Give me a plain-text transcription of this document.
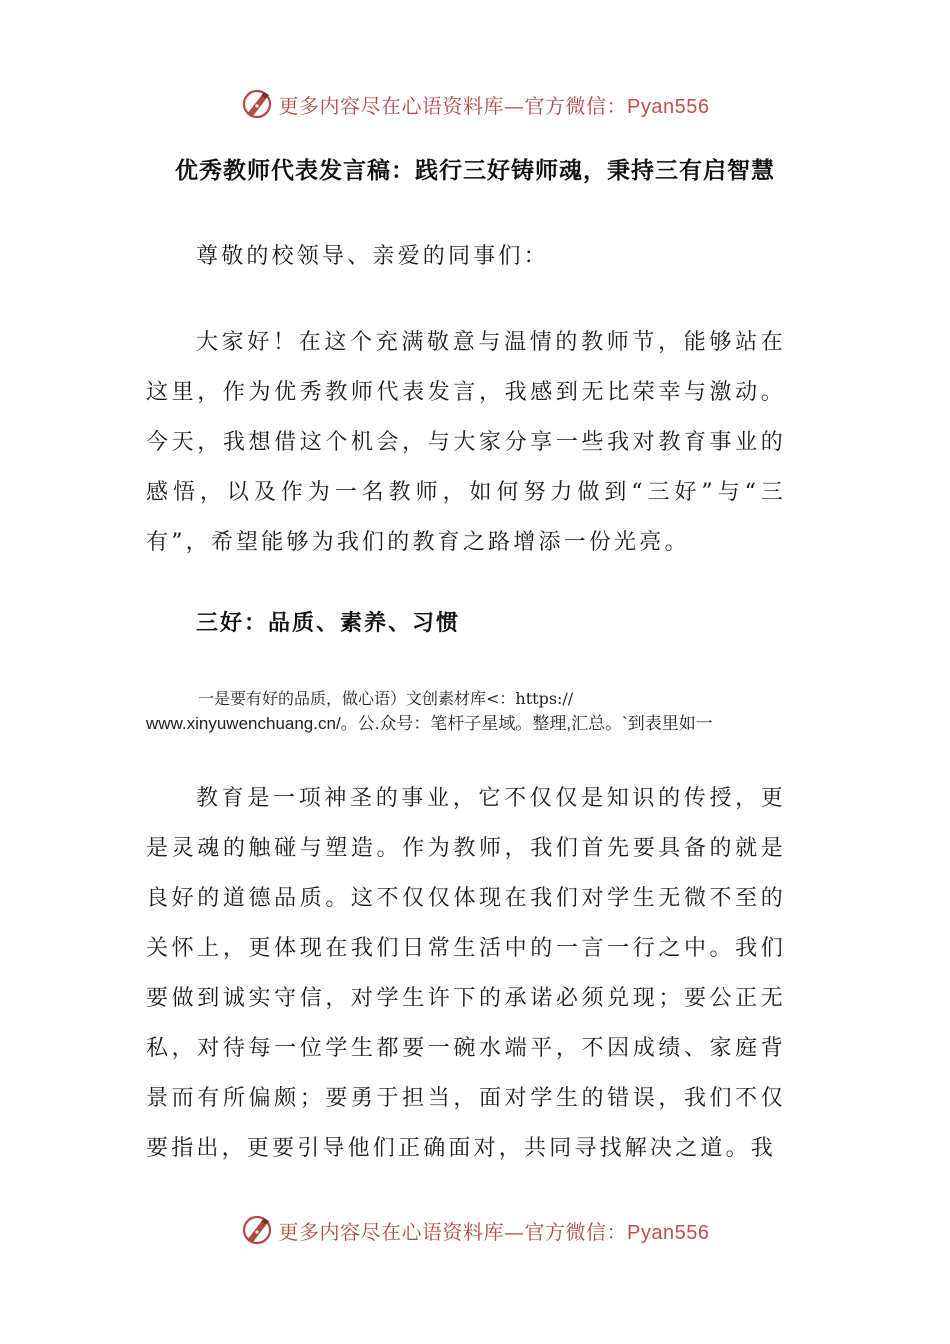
更多内容尽在心语资料库—官方微信：Pyan556
优秀教师代表发言稿：践行三好铸师魂，秉持三有启智慧

尊敬的校领导、亲爱的同事们：

大家好！在这个充满敬意与温情的教师节，能够站在这里，作为优秀教师代表发言，我感到无比荣幸与激动。今天，我想借这个机会，与大家分享一些我对教育事业的感悟，以及作为一名教师，如何努力做到“三好”与“三有”，希望能够为我们的教育之路增添一份光亮。

三好：品质、素养、习惯
一是要有好的品质，做心语）文创素材库<：https://
www.xinyuwenchuang.cn/。公.众号：笔杆子星域。整理,汇总。`到表里如一

教育是一项神圣的事业，它不仅仅是知识的传授，更是灵魂的触碰与塑造。作为教师，我们首先要具备的就是良好的道德品质。这不仅仅体现在我们对学生无微不至的关怀上，更体现在我们日常生活中的一言一行之中。我们要做到诚实守信，对学生许下的承诺必须兑现；要公正无私，对待每一位学生都要一碗水端平，不因成绩、家庭背景而有所偏颇；要勇于担当，面对学生的错误，我们不仅要指出，更要引导他们正确面对，共同寻找解决之道。我

更多内容尽在心语资料库—官方微信：Pyan556
